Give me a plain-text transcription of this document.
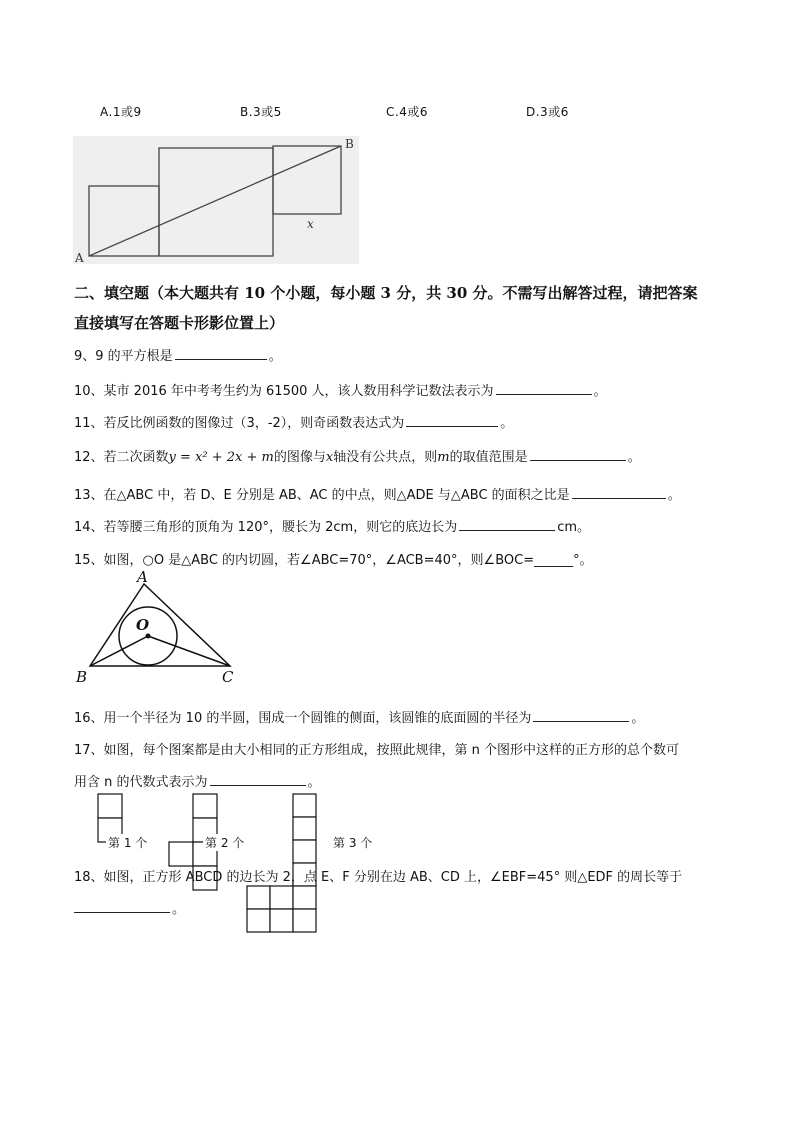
A.1或9	B.3或5	C.4或6	D.3或6
A
B
x
二、填空题（本大题共有 10 个小题，每小题 3 分，共 30 分。不需写出解答过程，请把答案
直接填写在答题卡形影位置上）
9、9 的平方根是	。
10、某市 2016 年中考考生约为 61500 人，该人数用科学记数法表示为	。
11、若反比例函数的图像过（3，-2），则奇函数表达式为	。
12、若二次函数y = x² + 2x + m的图像与x轴没有公共点，则m的取值范围是	。
13、在△ABC 中，若 D、E 分别是 AB、AC 的中点，则△ADE 与△ABC 的面积之比是	。
14、若等腰三角形的顶角为 120°，腰长为 2cm，则它的底边长为	cm。
15、如图，○O 是△ABC 的内切圆，若∠ABC=70°，∠ACB=40°，则∠BOC=______°。
A
B	C
O
16、用一个半径为 10 的半圆，围成一个圆锥的侧面，该圆锥的底面圆的半径为	。
17、如图，每个图案都是由大小相同的正方形组成，按照此规律，第 n 个图形中这样的正方形的总个数可
用含 n 的代数式表示为	。
第 1 个	第 2 个	第 3 个
18、如图，正方形 ABCD 的边长为 2，点 E、F 分别在边 AB、CD 上，∠EBF=45° 则△EDF 的周长等于
。
